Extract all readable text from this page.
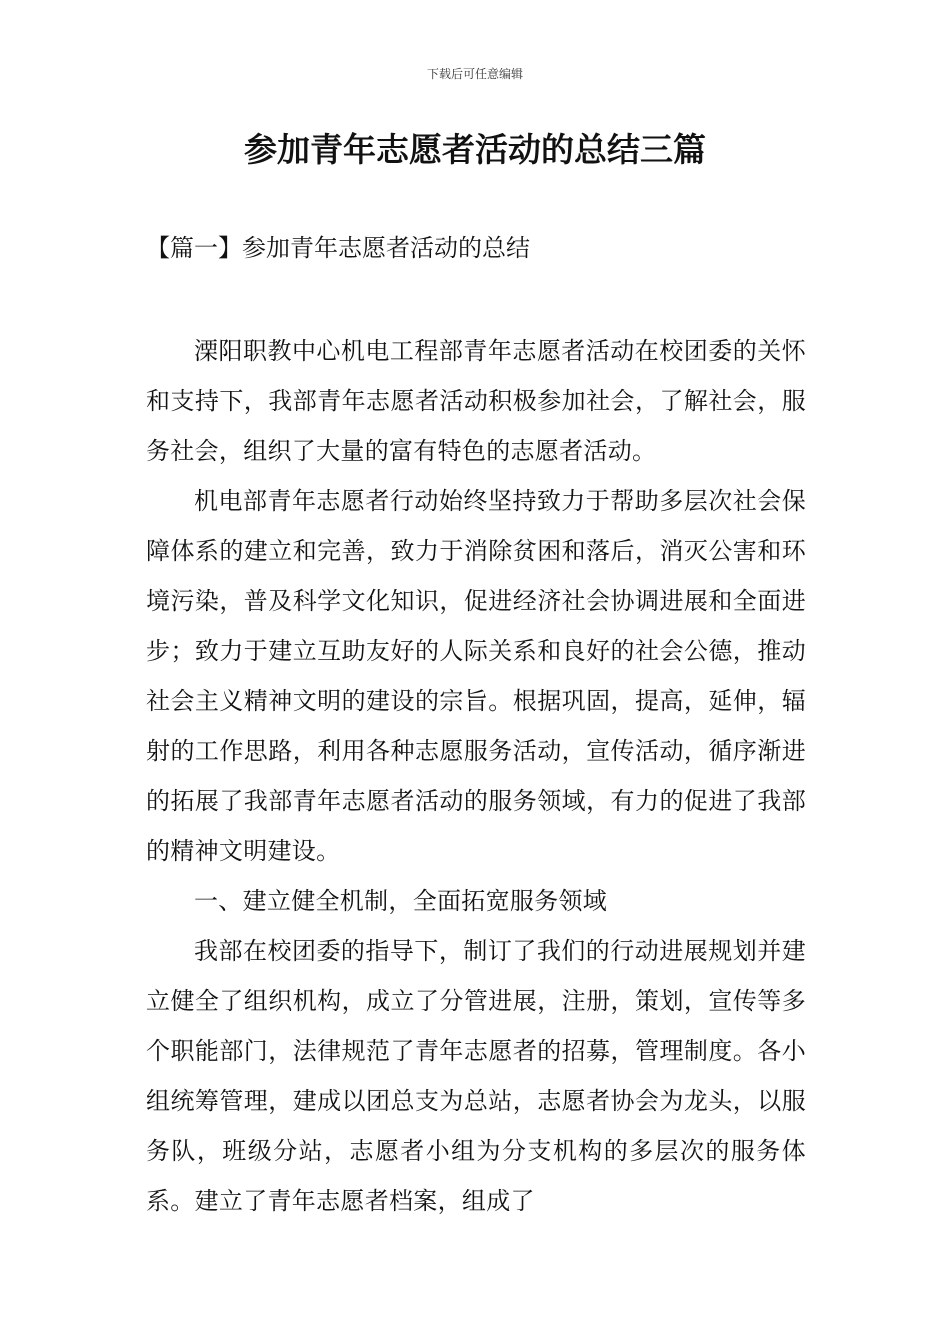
下载后可任意编辑
参加青年志愿者活动的总结三篇
【篇一】参加青年志愿者活动的总结

溧阳职教中心机电工程部青年志愿者活动在校团委的关怀和支持下，我部青年志愿者活动积极参加社会，了解社会，服务社会，组织了大量的富有特色的志愿者活动。

机电部青年志愿者行动始终坚持致力于帮助多层次社会保障体系的建立和完善，致力于消除贫困和落后，消灭公害和环境污染，普及科学文化知识，促进经济社会协调进展和全面进步；致力于建立互助友好的人际关系和良好的社会公德，推动社会主义精神文明的建设的宗旨。根据巩固，提高，延伸，辐射的工作思路，利用各种志愿服务活动，宣传活动，循序渐进的拓展了我部青年志愿者活动的服务领域，有力的促进了我部的精神文明建设。

一、建立健全机制，全面拓宽服务领域

我部在校团委的指导下，制订了我们的行动进展规划并建立健全了组织机构，成立了分管进展，注册，策划，宣传等多个职能部门，法律规范了青年志愿者的招募，管理制度。各小组统筹管理，建成以团总支为总站，志愿者协会为龙头，以服务队，班级分站，志愿者小组为分支机构的多层次的服务体系。建立了青年志愿者档案，组成了
